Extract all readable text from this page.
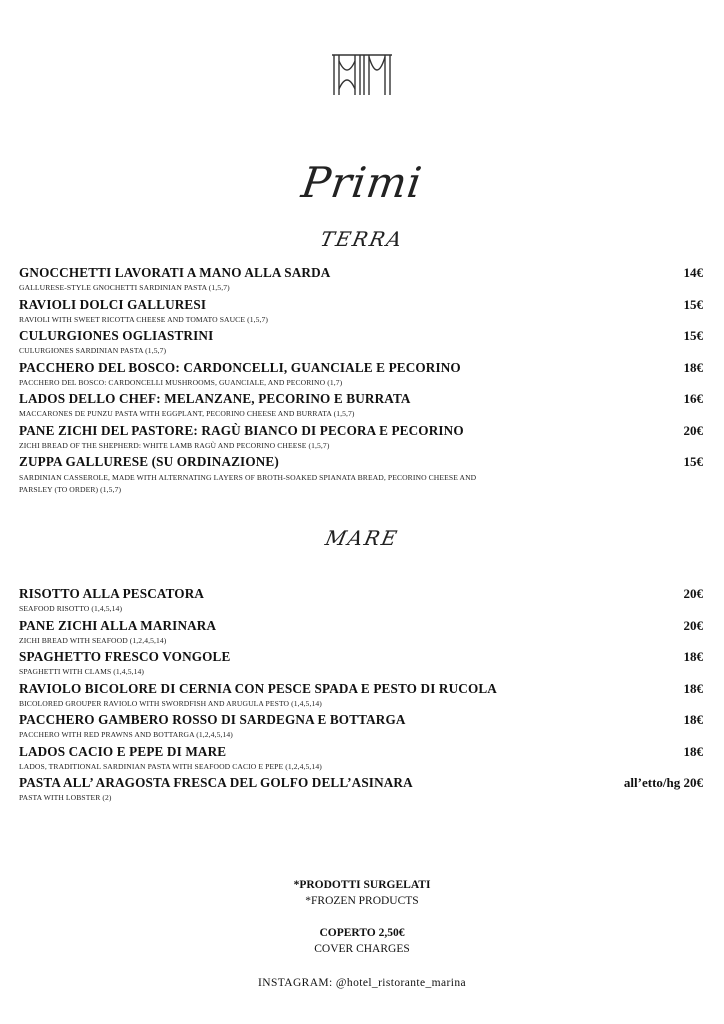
Primi
TERRA
MARE
GNOCCHETTI LAVORATI A MANO ALLA SARDA	14€
GALLURESE-STYLE GNOCHETTI SARDINIAN PASTA (1,5,7)
RAVIOLI DOLCI GALLURESI	15€
RAVIOLI WITH SWEET RICOTTA CHEESE AND TOMATO SAUCE (1,5,7)
CULURGIONES OGLIASTRINI	15€
CULURGIONES SARDINIAN PASTA (1,5,7)
PACCHERO DEL BOSCO: CARDONCELLI, GUANCIALE E PECORINO	18€
PACCHERO DEL BOSCO: CARDONCELLI MUSHROOMS, GUANCIALE, AND PECORINO (1,7)
LADOS DELLO CHEF: MELANZANE, PECORINO E BURRATA	16€
MACCARONES DE PUNZU PASTA WITH EGGPLANT, PECORINO CHEESE AND BURRATA (1,5,7)
PANE ZICHI DEL PASTORE: RAGÙ BIANCO DI PECORA E PECORINO	20€
ZICHI BREAD OF THE SHEPHERD: WHITE LAMB RAGÙ AND PECORINO CHEESE (1,5,7)
ZUPPA GALLURESE (SU ORDINAZIONE)	15€
SARDINIAN CASSEROLE, MADE WITH ALTERNATING LAYERS OF BROTH-SOAKED SPIANATA BREAD, PECORINO CHEESE AND PARSLEY (TO ORDER) (1,5,7)
RISOTTO ALLA PESCATORA	20€
SEAFOOD RISOTTO (1,4,5,14)
PANE ZICHI ALLA MARINARA	20€
ZICHI BREAD WITH SEAFOOD (1,2,4,5,14)
SPAGHETTO FRESCO VONGOLE	18€
SPAGHETTI WITH CLAMS (1,4,5,14)
RAVIOLO BICOLORE DI CERNIA CON PESCE SPADA E PESTO DI RUCOLA	18€
BICOLORED GROUPER RAVIOLO WITH SWORDFISH AND ARUGULA PESTO (1,4,5,14)
PACCHERO GAMBERO ROSSO DI SARDEGNA E BOTTARGA	18€
PACCHERO WITH RED PRAWNS AND BOTTARGA (1,2,4,5,14)
LADOS CACIO E PEPE DI MARE	18€
LADOS, TRADITIONAL SARDINIAN PASTA WITH SEAFOOD CACIO E PEPE (1,2,4,5,14)
PASTA ALL’ ARAGOSTA FRESCA DEL GOLFO DELL’ASINARA	all’etto/hg 20€
PASTA WITH LOBSTER (2)
*PRODOTTI SURGELATI
*FROZEN PRODUCTS
COPERTO 2,50€
COVER CHARGES
INSTAGRAM: @hotel_ristorante_marina
